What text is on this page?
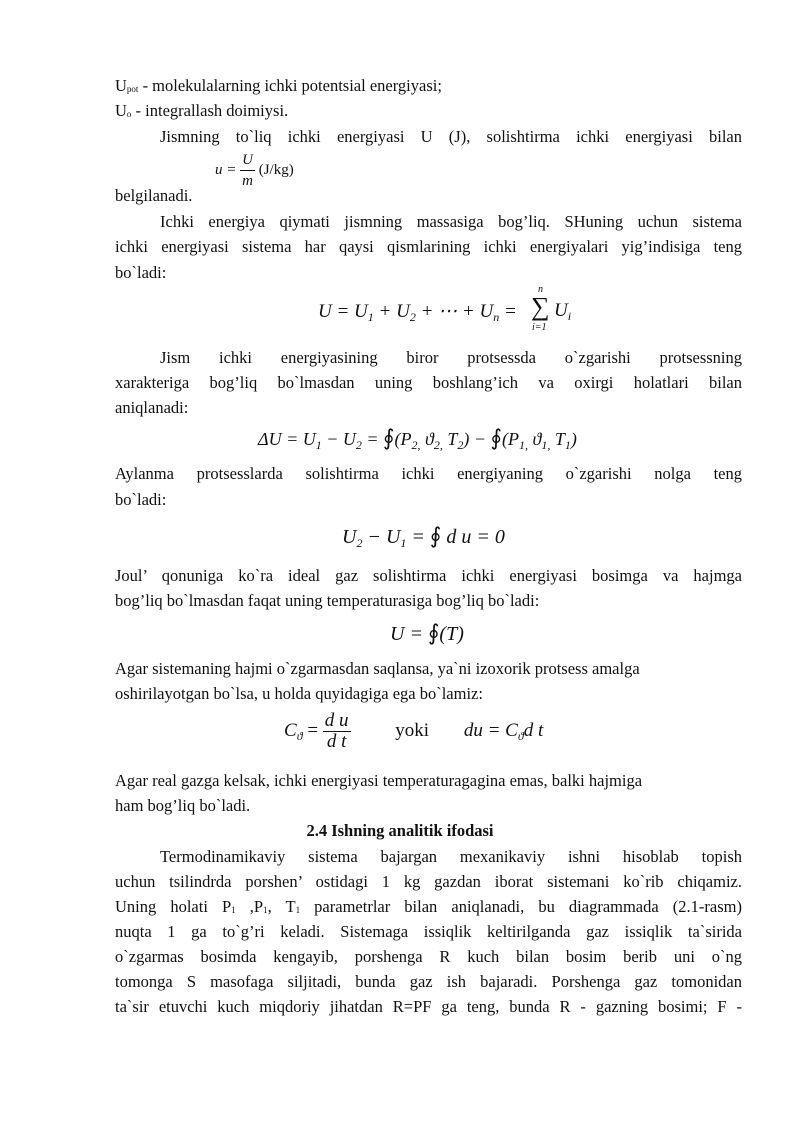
Upot - molekulalarning ichki potentsial energiyasi;
Uo - integrallash doimiysi.
Jismning to`liq ichki energiyasi U (J), solishtirma ichki energiyasi bilan
$u = \frac{U}{m} (J/kg)$
belgilanadi.
Ichki energiya qiymati jismning massasiga bog’liq. SHuning uchun sistema
ichki energiyasi sistema har qaysi qismlarining ichki energiyalari yig’indisiga teng
bo`ladi:
$U = U_1 + U_2$ + ⋯ + $U_n$ =
n
∑
i=1
$U_i$
Jism ichki energiyasining biror protsessda o`zgarishi protsessning
xarakteriga bog’liq bo`lmasdan uning boshlang’ich va oxirgi holatlari bilan
aniqlanadi:
$\Delta U = U_1 - U_2$ = $∮(P_{2,}$ $ϑ_{2,}$ $T_2$) − $∮(P_{1,}$ $ϑ_{1,}$ $T_1$)
Aylanma protsesslarda solishtirma ichki energiyaning o`zgarishi nolga teng
bo`ladi:
$U_2 - U_1$ = ∮ d u = 0
Joul’ qonuniga ko`ra ideal gaz solishtirma ichki energiyasi bosimga va hajmga
bog’liq bo`lmasdan faqat uning temperaturasiga bog’liq bo`ladi:
U = ∮(T)
Agar sistemaning hajmi o`zgarmasdan saqlansa, ya`ni izoxorik protsess amalga
oshirilayotgan bo`lsa, u holda quyidagiga ega bo`lamiz:
$C_ϑ = \frac{\text{d u}}{\text{d t}}$ yoki du = $C_ϑd$ t
Agar real gazga kelsak, ichki energiyasi temperaturagagina emas, balki hajmiga
ham bog’liq bo`ladi.
2.4 Ishning analitik ifodasi
Termodinamikaviy sistema bajargan mexanikaviy ishni hisoblab topish
uchun tsilindrda porshen’ ostidagi 1 kg gazdan iborat sistemani ko`rib chiqamiz.
Uning holati P1 ,P1, T1 parametrlar bilan aniqlanadi, bu diagrammada (2.1-rasm)
nuqta 1 ga to`g’ri keladi. Sistemaga issiqlik keltirilganda gaz issiqlik ta`sirida
o`zgarmas bosimda kengayib, porshenga R kuch bilan bosim berib uni o`ng
tomonga S masofaga siljitadi, bunda gaz ish bajaradi. Porshenga gaz tomonidan
ta`sir etuvchi kuch miqdoriy jihatdan R=PF ga teng, bunda R - gazning bosimi; F -
